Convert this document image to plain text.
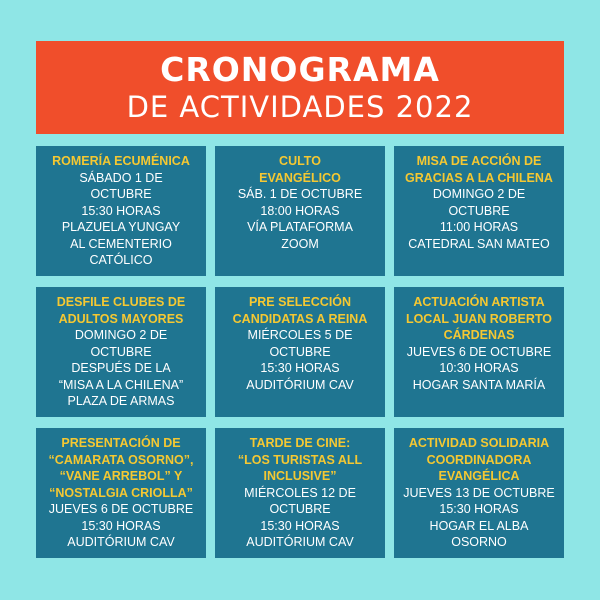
CRONOGRAMA
DE ACTIVIDADES 2022
ROMERÍA ECUMÉNICA
SÁBADO 1 DE
OCTUBRE
15:30 HORAS
PLAZUELA YUNGAY
AL CEMENTERIO
CATÓLICO
CULTO
EVANGÉLICO
SÁB. 1 DE OCTUBRE
18:00 HORAS
VÍA PLATAFORMA
ZOOM
MISA DE ACCIÓN DE
GRACIAS A LA CHILENA
DOMINGO 2 DE
OCTUBRE
11:00 HORAS
CATEDRAL SAN MATEO
DESFILE CLUBES DE
ADULTOS MAYORES
DOMINGO 2 DE
OCTUBRE
DESPUÉS DE LA
“MISA A LA CHILENA”
PLAZA DE ARMAS
PRE SELECCIÓN
CANDIDATAS A REINA
MIÉRCOLES 5 DE
OCTUBRE
15:30 HORAS
AUDITÓRIUM CAV
ACTUACIÓN ARTISTA
LOCAL JUAN ROBERTO
CÁRDENAS
JUEVES 6 DE OCTUBRE
10:30 HORAS
HOGAR SANTA MARÍA
PRESENTACIÓN DE
“CAMARATA OSORNO”,
“VANE ARREBOL” Y
“NOSTALGIA CRIOLLA”
JUEVES 6 DE OCTUBRE
15:30 HORAS
AUDITÓRIUM CAV
TARDE DE CINE:
“LOS TURISTAS ALL
INCLUSIVE”
MIÉRCOLES 12 DE
OCTUBRE
15:30 HORAS
AUDITÓRIUM CAV
ACTIVIDAD SOLIDARIA
COORDINADORA
EVANGÉLICA
JUEVES 13 DE OCTUBRE
15:30 HORAS
HOGAR EL ALBA
OSORNO
